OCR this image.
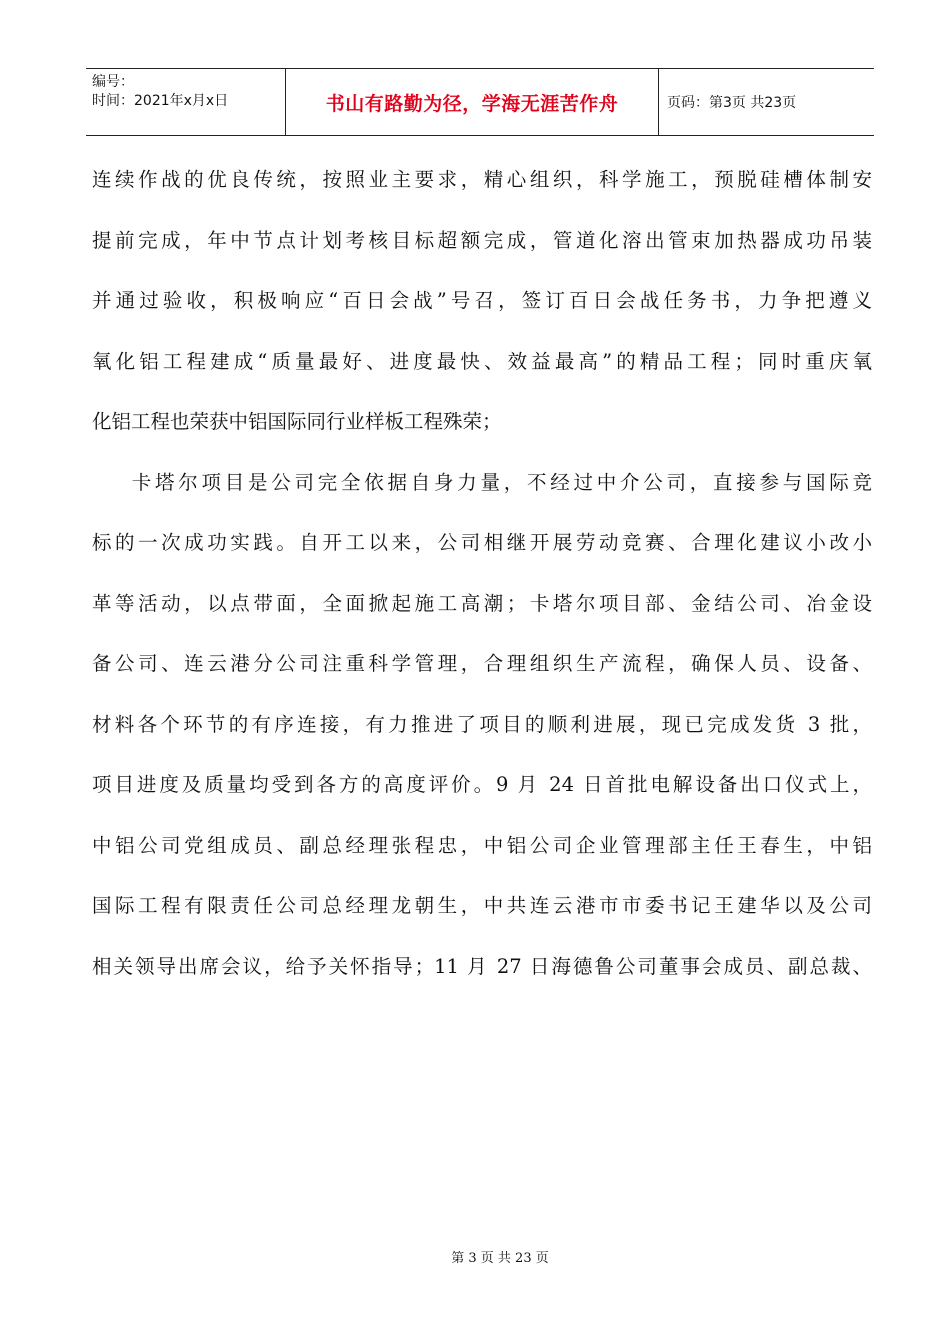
编号：
时间：2021年x月x日	书山有路勤为径，学海无涯苦作舟	页码：第3页 共23页
连续作战的优良传统，按照业主要求，精心组织，科学施工，预脱硅槽体制安
提前完成，年中节点计划考核目标超额完成，管道化溶出管束加热器成功吊装
并通过验收，积极响应“百日会战”号召，签订百日会战任务书，力争把遵义
氧化铝工程建成“质量最好、进度最快、效益最高”的精品工程；同时重庆氧
化铝工程也荣获中铝国际同行业样板工程殊荣；
卡塔尔项目是公司完全依据自身力量，不经过中介公司，直接参与国际竞
标的一次成功实践。自开工以来，公司相继开展劳动竞赛、合理化建议小改小
革等活动，以点带面，全面掀起施工高潮；卡塔尔项目部、金结公司、冶金设
备公司、连云港分公司注重科学管理，合理组织生产流程，确保人员、设备、
材料各个环节的有序连接，有力推进了项目的顺利进展，现已完成发货 3 批，
项目进度及质量均受到各方的高度评价。9 月 24 日首批电解设备出口仪式上，
中铝公司党组成员、副总经理张程忠，中铝公司企业管理部主任王春生，中铝
国际工程有限责任公司总经理龙朝生，中共连云港市市委书记王建华以及公司
相关领导出席会议，给予关怀指导；11 月 27 日海德鲁公司董事会成员、副总裁、
第 3 页 共 23 页
